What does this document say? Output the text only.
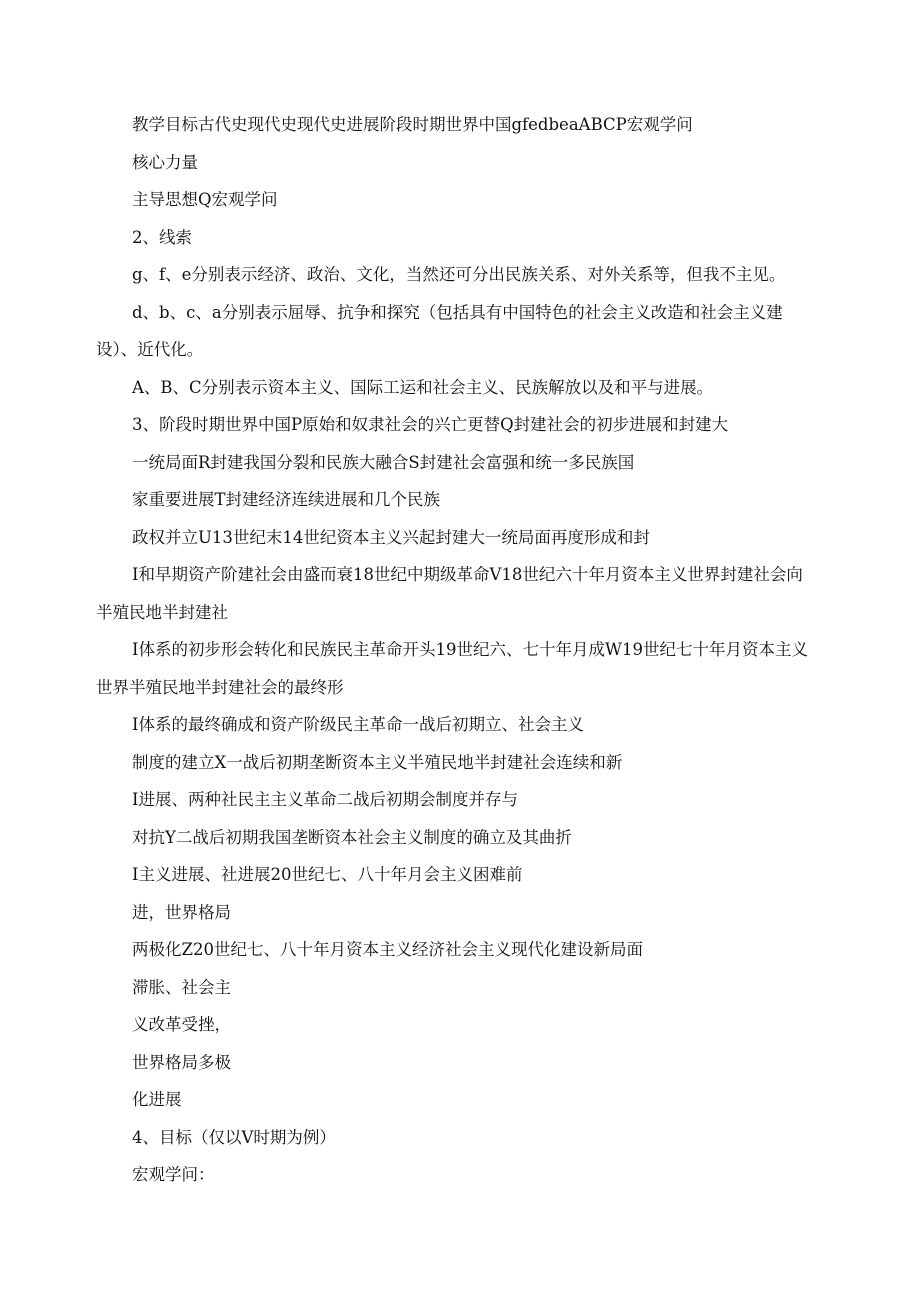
教学目标古代史现代史现代史进展阶段时期世界中国gfedbeaABCP宏观学问

核心力量

主导思想Q宏观学问

2、线索

g、f、e分别表示经济、政治、文化，当然还可分出民族关系、对外关系等，但我不主见。

d、b、c、a分别表示屈辱、抗争和探究（包括具有中国特色的社会主义改造和社会主义建设）、近代化。

A、B、C分别表示资本主义、国际工运和社会主义、民族解放以及和平与进展。

3、阶段时期世界中国P原始和奴隶社会的兴亡更替Q封建社会的初步进展和封建大

一统局面R封建我国分裂和民族大融合S封建社会富强和统一多民族国

家重要进展T封建经济连续进展和几个民族

政权并立U13世纪末14世纪资本主义兴起封建大一统局面再度形成和封

Ⅰ和早期资产阶建社会由盛而衰18世纪中期级革命V18世纪六十年月资本主义世界封建社会向半殖民地半封建社

Ⅰ体系的初步形会转化和民族民主革命开头19世纪六、七十年月成W19世纪七十年月资本主义世界半殖民地半封建社会的最终形

Ⅰ体系的最终确成和资产阶级民主革命一战后初期立、社会主义

制度的建立X一战后初期垄断资本主义半殖民地半封建社会连续和新

Ⅰ进展、两种社民主主义革命二战后初期会制度并存与

对抗Y二战后初期我国垄断资本社会主义制度的确立及其曲折

Ⅰ主义进展、社进展20世纪七、八十年月会主义困难前

进，世界格局

两极化Z20世纪七、八十年月资本主义经济社会主义现代化建设新局面

滞胀、社会主

义改革受挫，

世界格局多极

化进展

4、目标（仅以V时期为例）

宏观学问：
